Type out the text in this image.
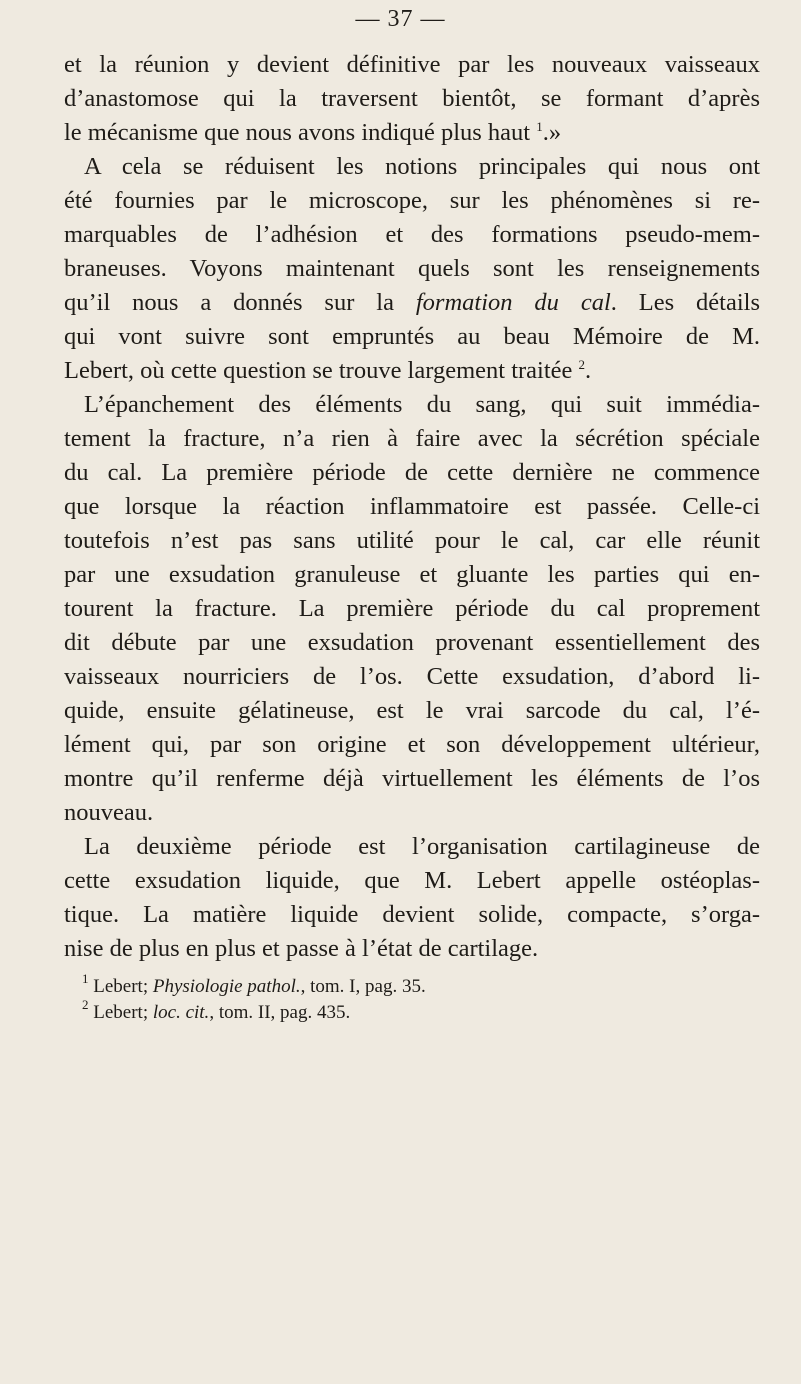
— 37 —
et la réunion y devient définitive par les nouveaux vaisseaux
d’anastomose qui la traversent bientôt, se formant d’après
le mécanisme que nous avons indiqué plus haut $^1$.»
A cela se réduisent les notions principales qui nous ont
été fournies par le microscope, sur les phénomènes si re-
marquables de l’adhésion et des formations pseudo-mem-
braneuses. Voyons maintenant quels sont les renseignements
qu’il nous a donnés sur la formation du cal. Les détails
qui vont suivre sont empruntés au beau Mémoire de M.
Lebert, où cette question se trouve largement traitée $^2$.
L’épanchement des éléments du sang, qui suit immédia-
tement la fracture, n’a rien à faire avec la sécrétion spéciale
du cal. La première période de cette dernière ne commence
que lorsque la réaction inflammatoire est passée. Celle-ci
toutefois n’est pas sans utilité pour le cal, car elle réunit
par une exsudation granuleuse et gluante les parties qui en-
tourent la fracture. La première période du cal proprement
dit débute par une exsudation provenant essentiellement des
vaisseaux nourriciers de l’os. Cette exsudation, d’abord li-
quide, ensuite gélatineuse, est le vrai sarcode du cal, l’é-
lément qui, par son origine et son développement ultérieur,
montre qu’il renferme déjà virtuellement les éléments de l’os
nouveau.
La deuxième période est l’organisation cartilagineuse de
cette exsudation liquide, que M. Lebert appelle ostéoplas-
tique. La matière liquide devient solide, compacte, s’orga-
nise de plus en plus et passe à l’état de cartilage.
$^1$ Lebert; Physiologie pathol., tom. I, pag. 35.
$^2$ Lebert; loc. cit., tom. II, pag. 435.
